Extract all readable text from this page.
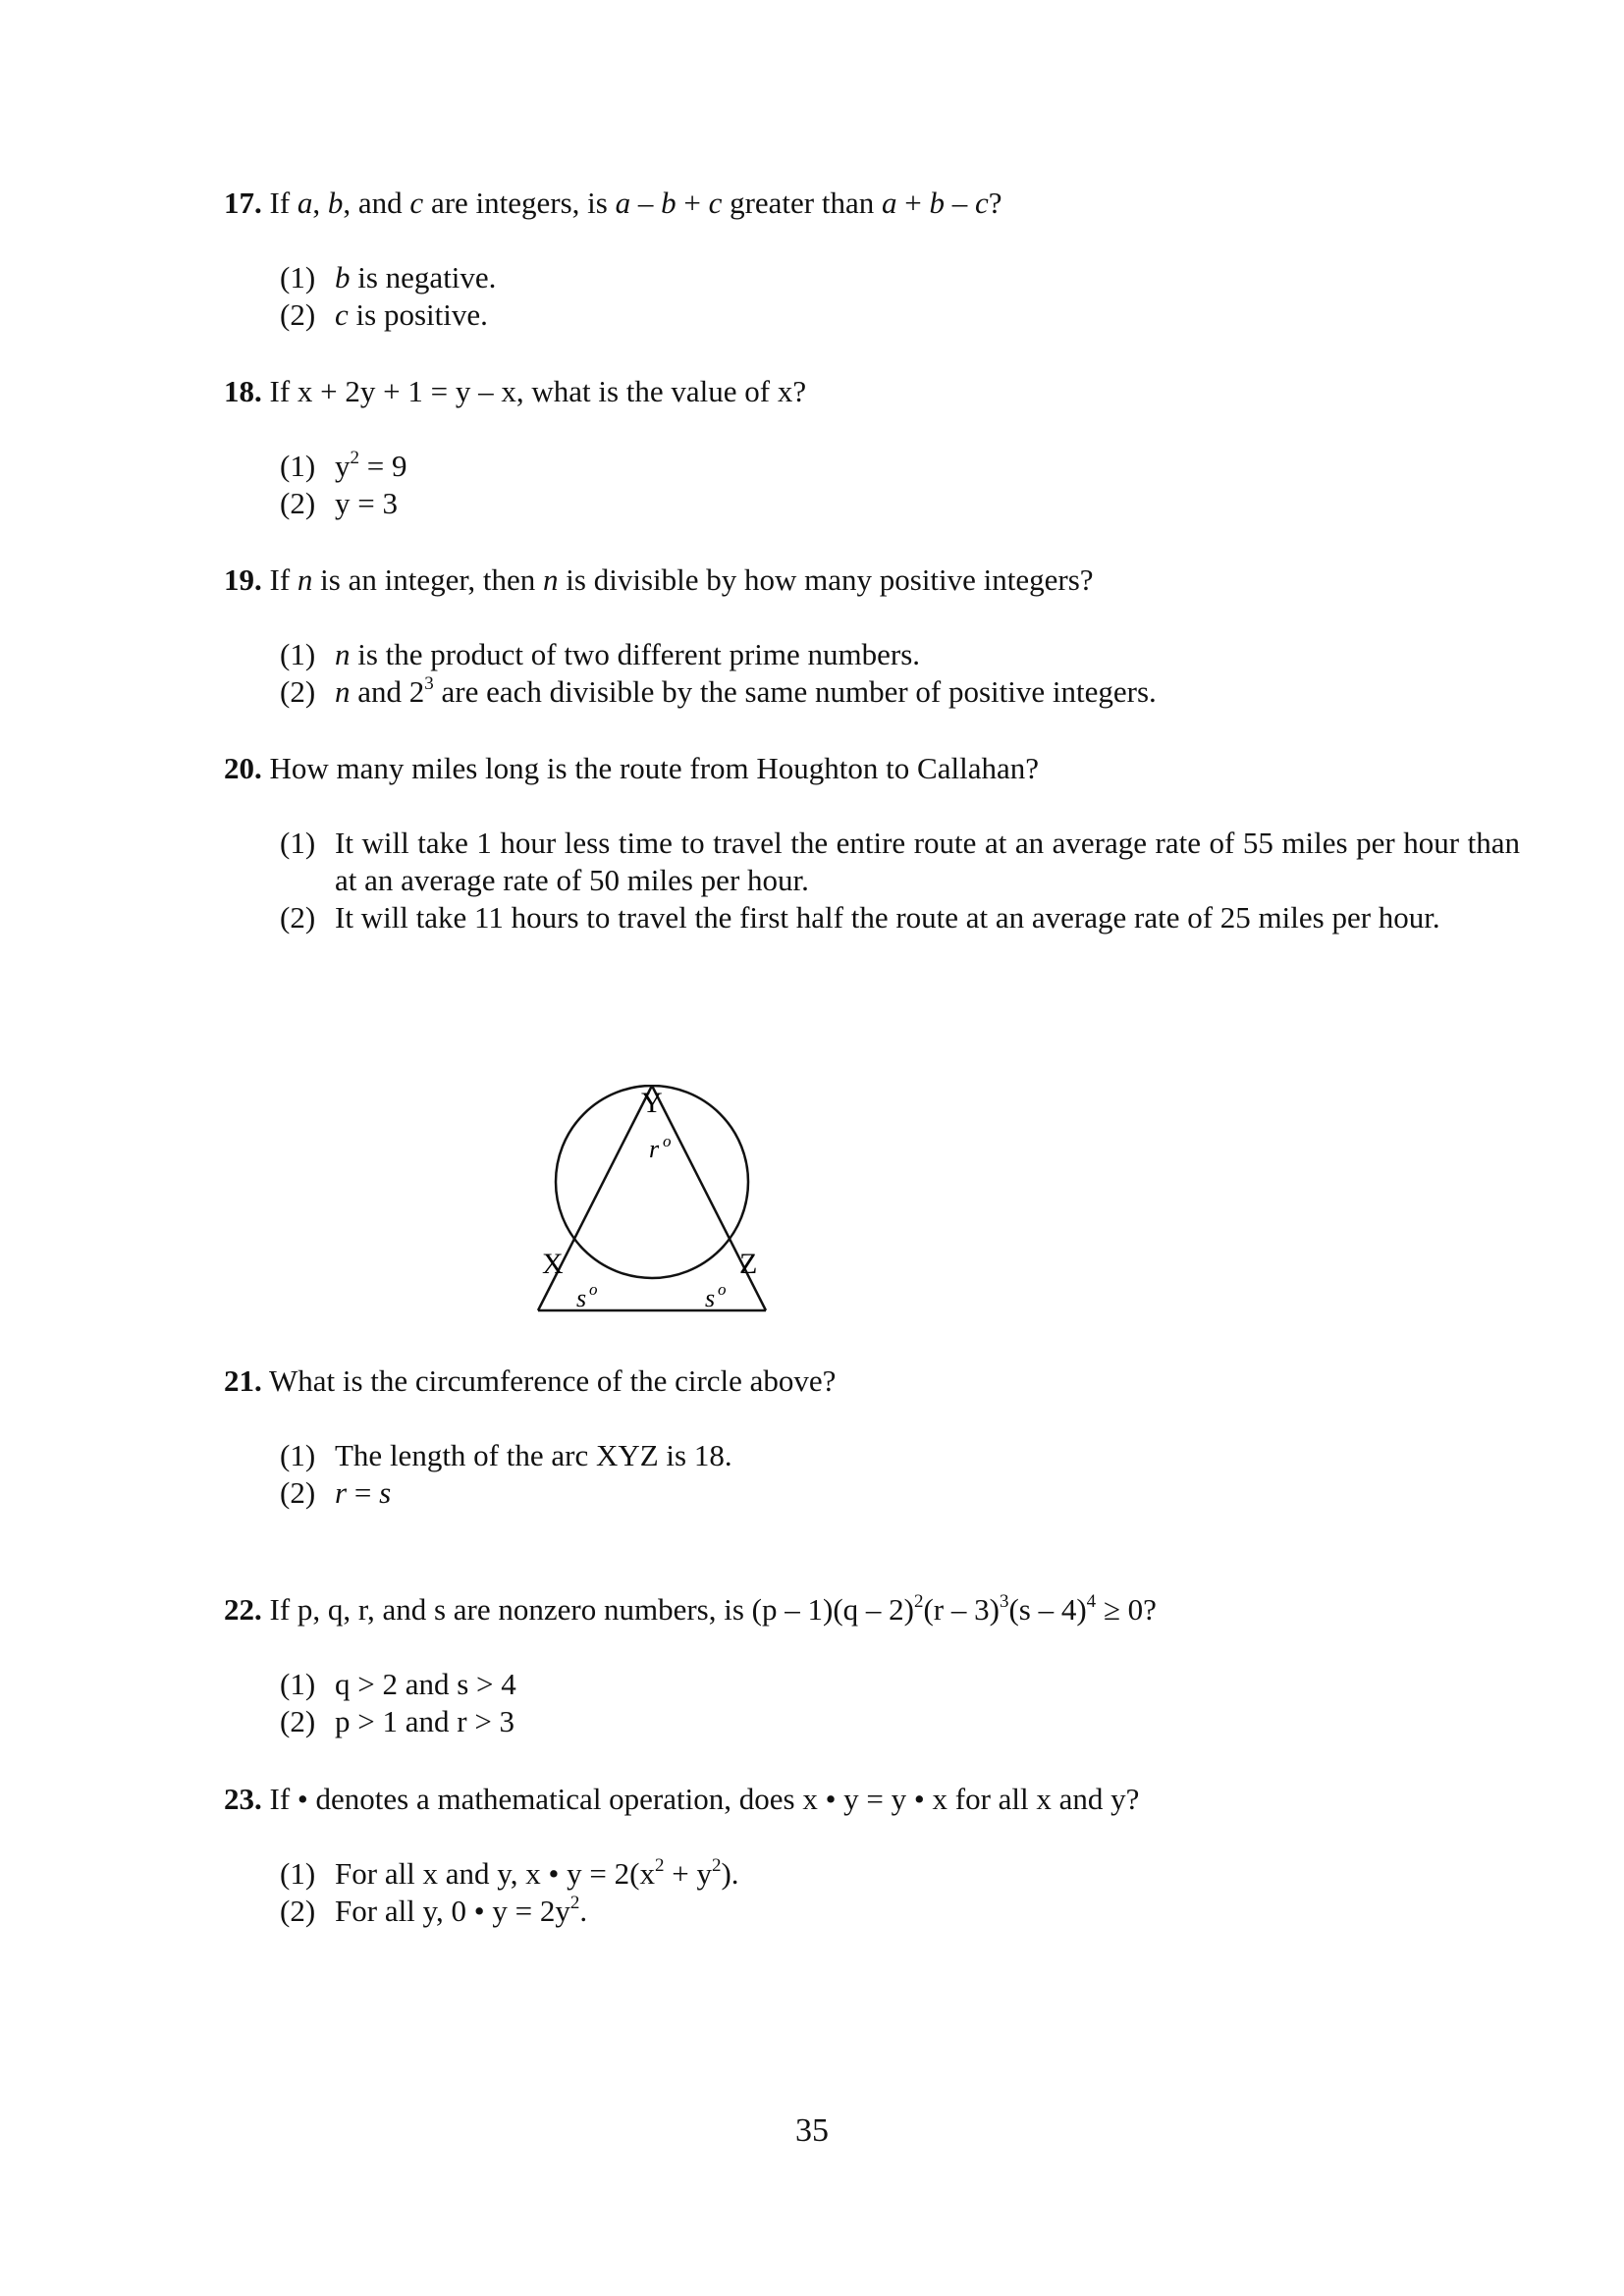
17. If a, b, and c are integers, is a – b + c greater than a + b – c?

(1) b is negative.
(2) c is positive.

18. If x + 2y + 1 = y – x, what is the value of x?

(1) $y^2 = 9$
(2) y = 3

19. If n is an integer, then n is divisible by how many positive integers?

(1) n is the product of two different prime numbers.
(2) n and $2^3$ are each divisible by the same number of positive integers.

20. How many miles long is the route from Houghton to Callahan?

(1) It will take 1 hour less time to travel the entire route at an average rate of 55 miles per hour than at an average rate of 50 miles per hour.
(2) It will take 11 hours to travel the first half the route at an average rate of 25 miles per hour.
Y
X	Z
r o
s o	s o

21. What is the circumference of the circle above?

(1) The length of the arc XYZ is 18.
(2) r = s

22. If p, q, r, and s are nonzero numbers, is (p – 1)(q – 2)$^2$(r – 3)$^3$(s – 4)$^4$ ≥ 0?

(1) q > 2 and s > 4
(2) p > 1 and r > 3

23. If • denotes a mathematical operation, does x • y = y • x for all x and y?

(1) For all x and y, x • $y = 2(x^2 + y^2)$.
(2) For all y, 0 • $y = 2y^2$.
35
